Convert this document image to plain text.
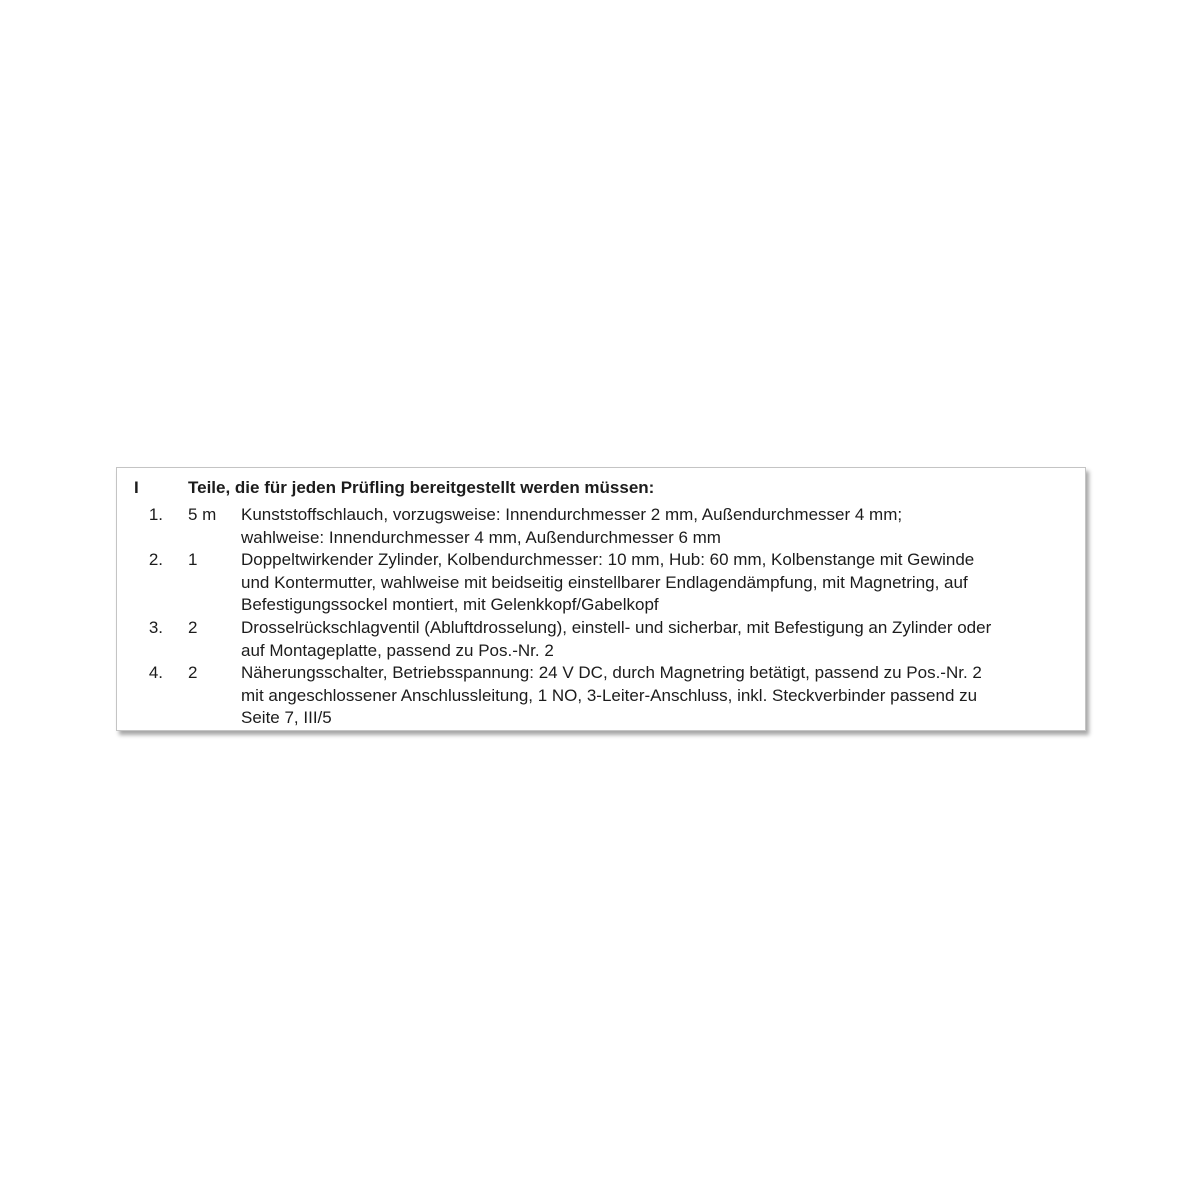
I	Teile, die für jeden Prüfling bereitgestellt werden müssen:
1. 5 m Kunststoffschlauch, vorzugsweise: Innendurchmesser 2 mm, Außendurchmesser 4 mm;
wahlweise: Innendurchmesser 4 mm, Außendurchmesser 6 mm
2. 1	Doppeltwirkender Zylinder, Kolbendurchmesser: 10 mm, Hub: 60 mm, Kolbenstange mit Gewinde
und Kontermutter, wahlweise mit beidseitig einstellbarer Endlagendämpfung, mit Magnetring, auf
Befestigungssockel montiert, mit Gelenkkopf/Gabelkopf
3. 2	Drosselrückschlagventil (Abluftdrosselung), einstell- und sicherbar, mit Befestigung an Zylinder oder
auf Montageplatte, passend zu Pos.-Nr. 2
4. 2	Näherungsschalter, Betriebsspannung: 24 V DC, durch Magnetring betätigt, passend zu Pos.-Nr. 2
mit angeschlossener Anschlussleitung, 1 NO, 3-Leiter-Anschluss, inkl. Steckverbinder passend zu
Seite 7, III/5
